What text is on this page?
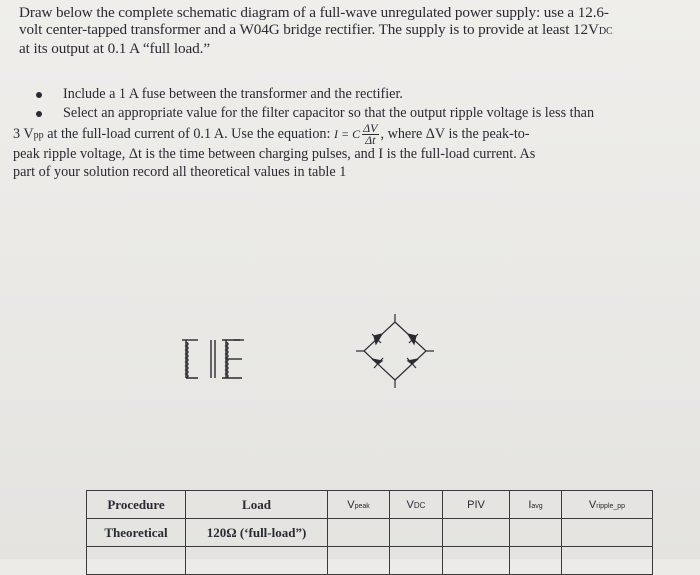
Draw below the complete schematic diagram of a full-wave unregulated power supply: use a 12.6-
volt center-tapped transformer and a W04G bridge rectifier. The supply is to provide at least 12VDC
at its output at 0.1 A “full load.”
Include a 1 A fuse between the transformer and the rectifier.
Select an appropriate value for the filter capacitor so that the output ripple voltage is less than
3 Vpp at the full-load current of 0.1 A. Use the equation: I = C $\frac{\Delta V}{\Delta t}$ , where ΔV is the peak-to-
peak ripple voltage, Δt is the time between charging pulses, and I is the full-load current. As
part of your solution record all theoretical values in table 1
Procedure	Load	Vpeak	VDC	PIV	Iavg	Vripple_pp
Theoretical	120Ω (‘full-load”)					
